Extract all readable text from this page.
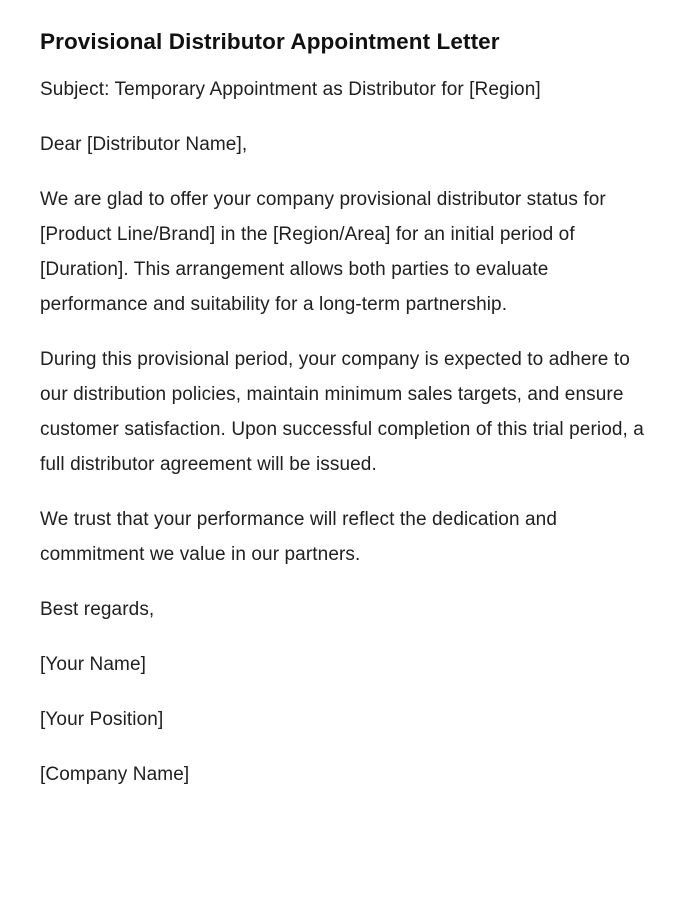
Provisional Distributor Appointment Letter

Subject: Temporary Appointment as Distributor for [Region]

Dear [Distributor Name],

We are glad to offer your company provisional distributor status for [Product Line/Brand] in the [Region/Area] for an initial period of [Duration]. This arrangement allows both parties to evaluate performance and suitability for a long-term partnership.

During this provisional period, your company is expected to adhere to our distribution policies, maintain minimum sales targets, and ensure customer satisfaction. Upon successful completion of this trial period, a full distributor agreement will be issued.

We trust that your performance will reflect the dedication and commitment we value in our partners.

Best regards,

[Your Name]

[Your Position]

[Company Name]
